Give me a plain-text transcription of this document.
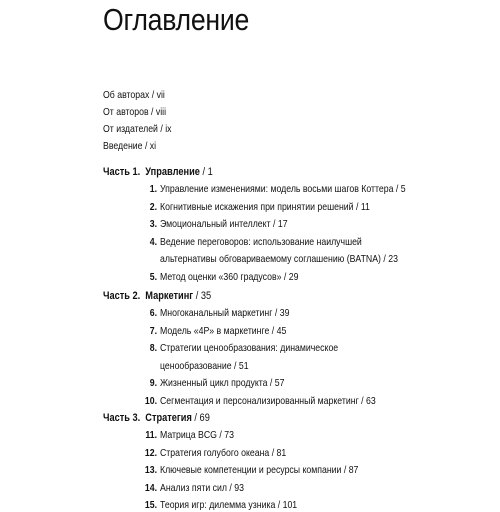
Оглавление
Об авторах / vii
От авторов / viii
От издателей / ix
Введение / xi
Часть 1. Управление / 1
1. Управление изменениями: модель восьми шагов Коттера / 5
2. Когнитивные искажения при принятии решений / 11
3. Эмоциональный интеллект / 17
4. Ведение переговоров: использование наилучшей
альтернативы обговариваемому соглашению (BATNA) / 23
5. Метод оценки «360 градусов» / 29
Часть 2. Маркетинг / 35
6. Многоканальный маркетинг / 39
7. Модель «4P» в маркетинге / 45
8. Стратегии ценообразования: динамическое
ценообразование / 51
9. Жизненный цикл продукта / 57
10. Сегментация и персонализированный маркетинг / 63
Часть 3. Стратегия / 69
11. Матрица BCG / 73
12. Стратегия голубого океана / 81
13. Ключевые компетенции и ресурсы компании / 87
14. Анализ пяти сил / 93
15. Теория игр: дилемма узника / 101
